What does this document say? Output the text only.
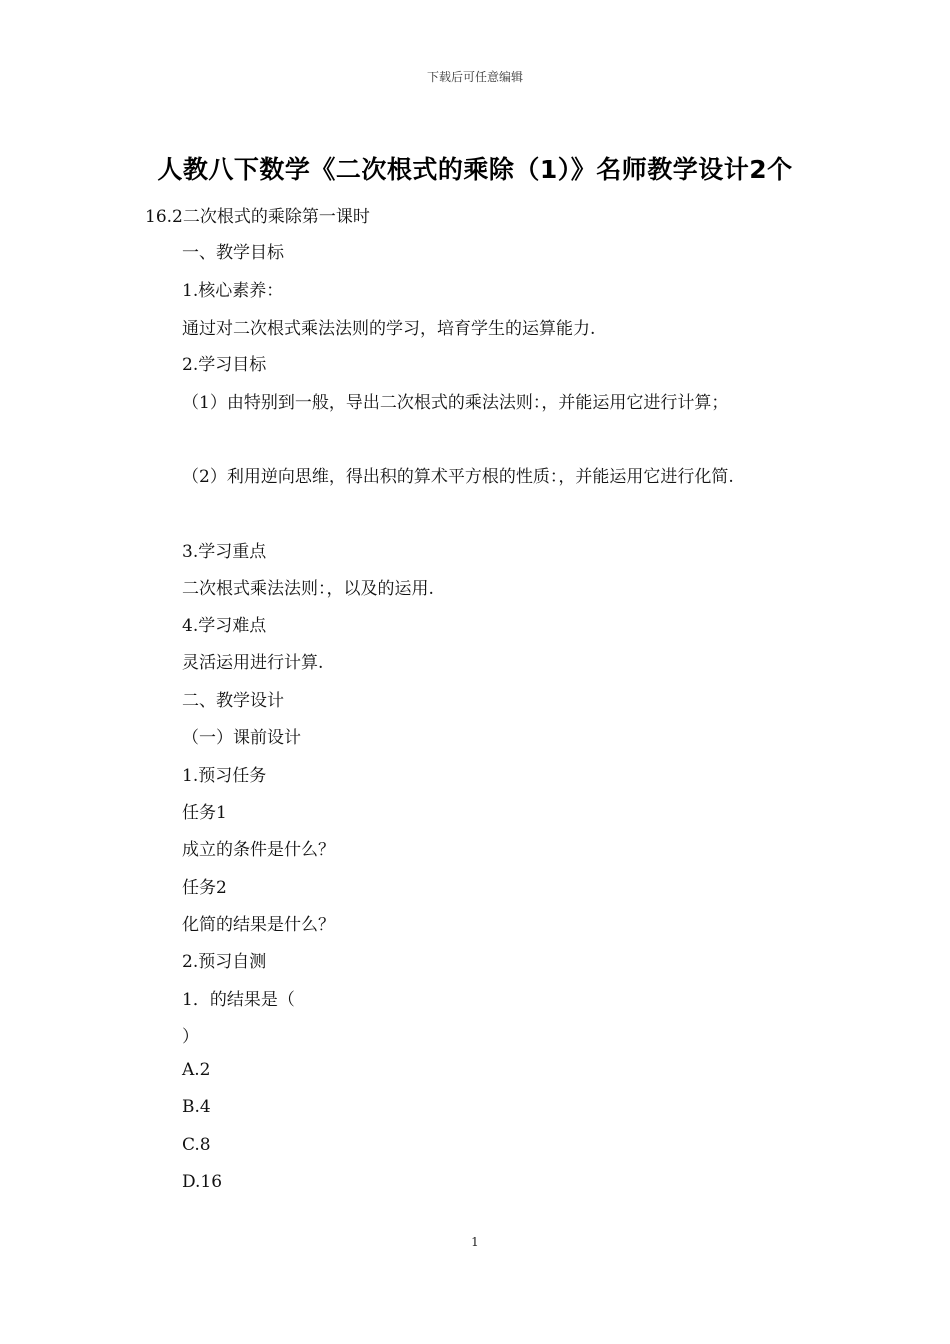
下载后可任意编辑
人教八下数学《二次根式的乘除（1）》名师教学设计2个
16.2二次根式的乘除第一课时
一、教学目标
1.核心素养：
通过对二次根式乘法法则的学习，培育学生的运算能力.
2.学习目标
（1）由特别到一般，导出二次根式的乘法法则：，并能运用它进行计算；
（2）利用逆向思维，得出积的算术平方根的性质：，并能运用它进行化简.
3.学习重点
二次根式乘法法则：，以及的运用.
4.学习难点
灵活运用进行计算.
二、教学设计
（一）课前设计
1.预习任务
任务1
成立的条件是什么？
任务2
化简的结果是什么？
2.预习自测
1．的结果是（
）
A.2
B.4
C.8
D.16
1
